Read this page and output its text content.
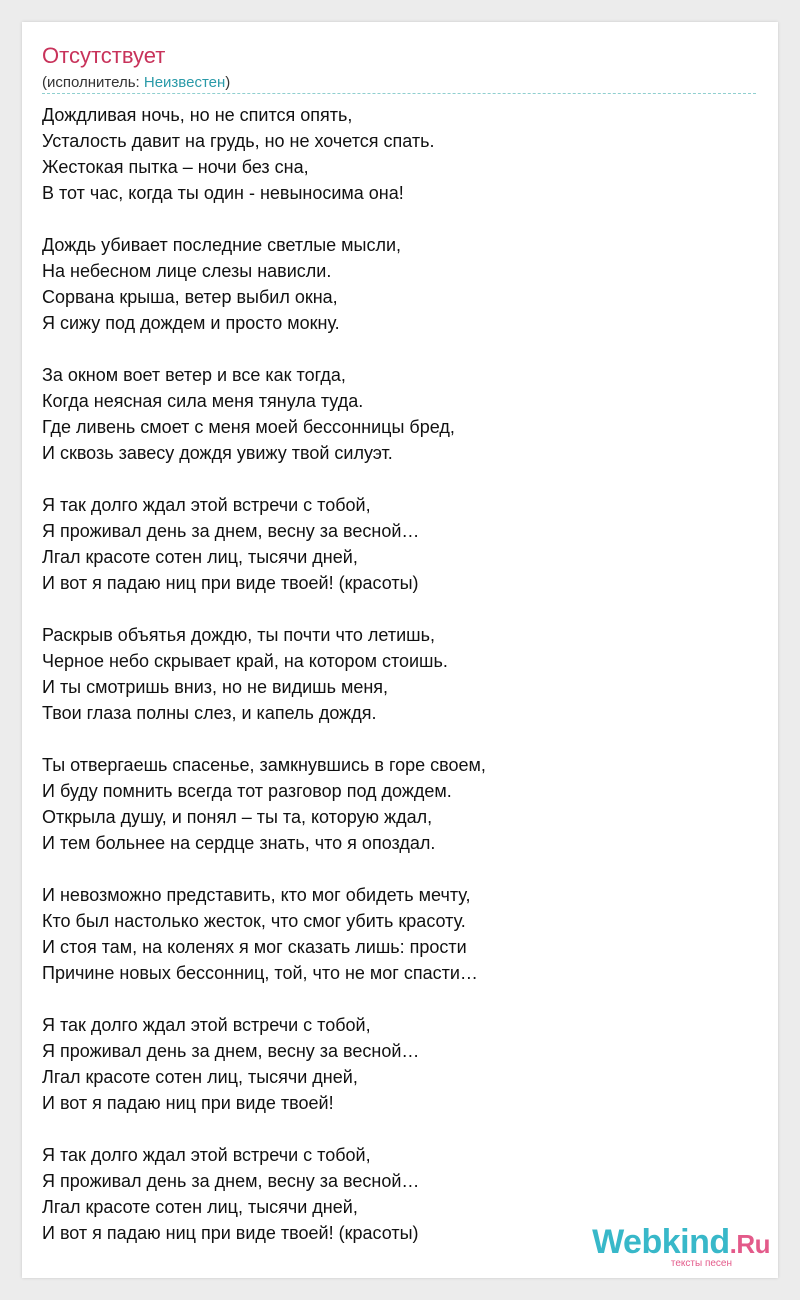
Отсутствует
(исполнитель: Неизвестен)
Дождливая ночь, но не спится опять,
Усталость давит на грудь, но не хочется спать.
Жестокая пытка – ночи без сна,
В тот час, когда ты один - невыносима она!
Дождь убивает последние светлые мысли,
На небесном лице слезы нависли.
Сорвана крыша, ветер выбил окна,
Я сижу под дождем и просто мокну.
За окном воет ветер и все как тогда,
Когда неясная сила меня тянула туда.
Где ливень смоет с меня моей бессонницы бред,
И сквозь завесу дождя увижу твой силуэт.
Я так долго ждал этой встречи с тобой,
Я проживал день за днем, весну за весной…
Лгал красоте сотен лиц, тысячи дней,
И вот я падаю ниц при виде твоей! (красоты)
Раскрыв объятья дождю, ты почти что летишь,
Черное небо скрывает край, на котором стоишь.
И ты смотришь вниз, но не видишь меня,
Твои глаза полны слез, и капель дождя.
Ты отвергаешь спасенье, замкнувшись в горе своем,
И буду помнить всегда тот разговор под дождем.
Открыла душу, и понял – ты та, которую ждал,
И тем больнее на сердце знать, что я опоздал.
И невозможно представить, кто мог обидеть мечту,
Кто был настолько жесток, что смог убить красоту.
И стоя там, на коленях я мог сказать лишь: прости
Причине новых бессонниц, той, что не мог спасти…
Я так долго ждал этой встречи с тобой,
Я проживал день за днем, весну за весной…
Лгал красоте сотен лиц, тысячи дней,
И вот я падаю ниц при виде твоей!
Я так долго ждал этой встречи с тобой,
Я проживал день за днем, весну за весной…
Лгал красоте сотен лиц, тысячи дней,
И вот я падаю ниц при виде твоей! (красоты)	Webkind.Ru
тексты песен
